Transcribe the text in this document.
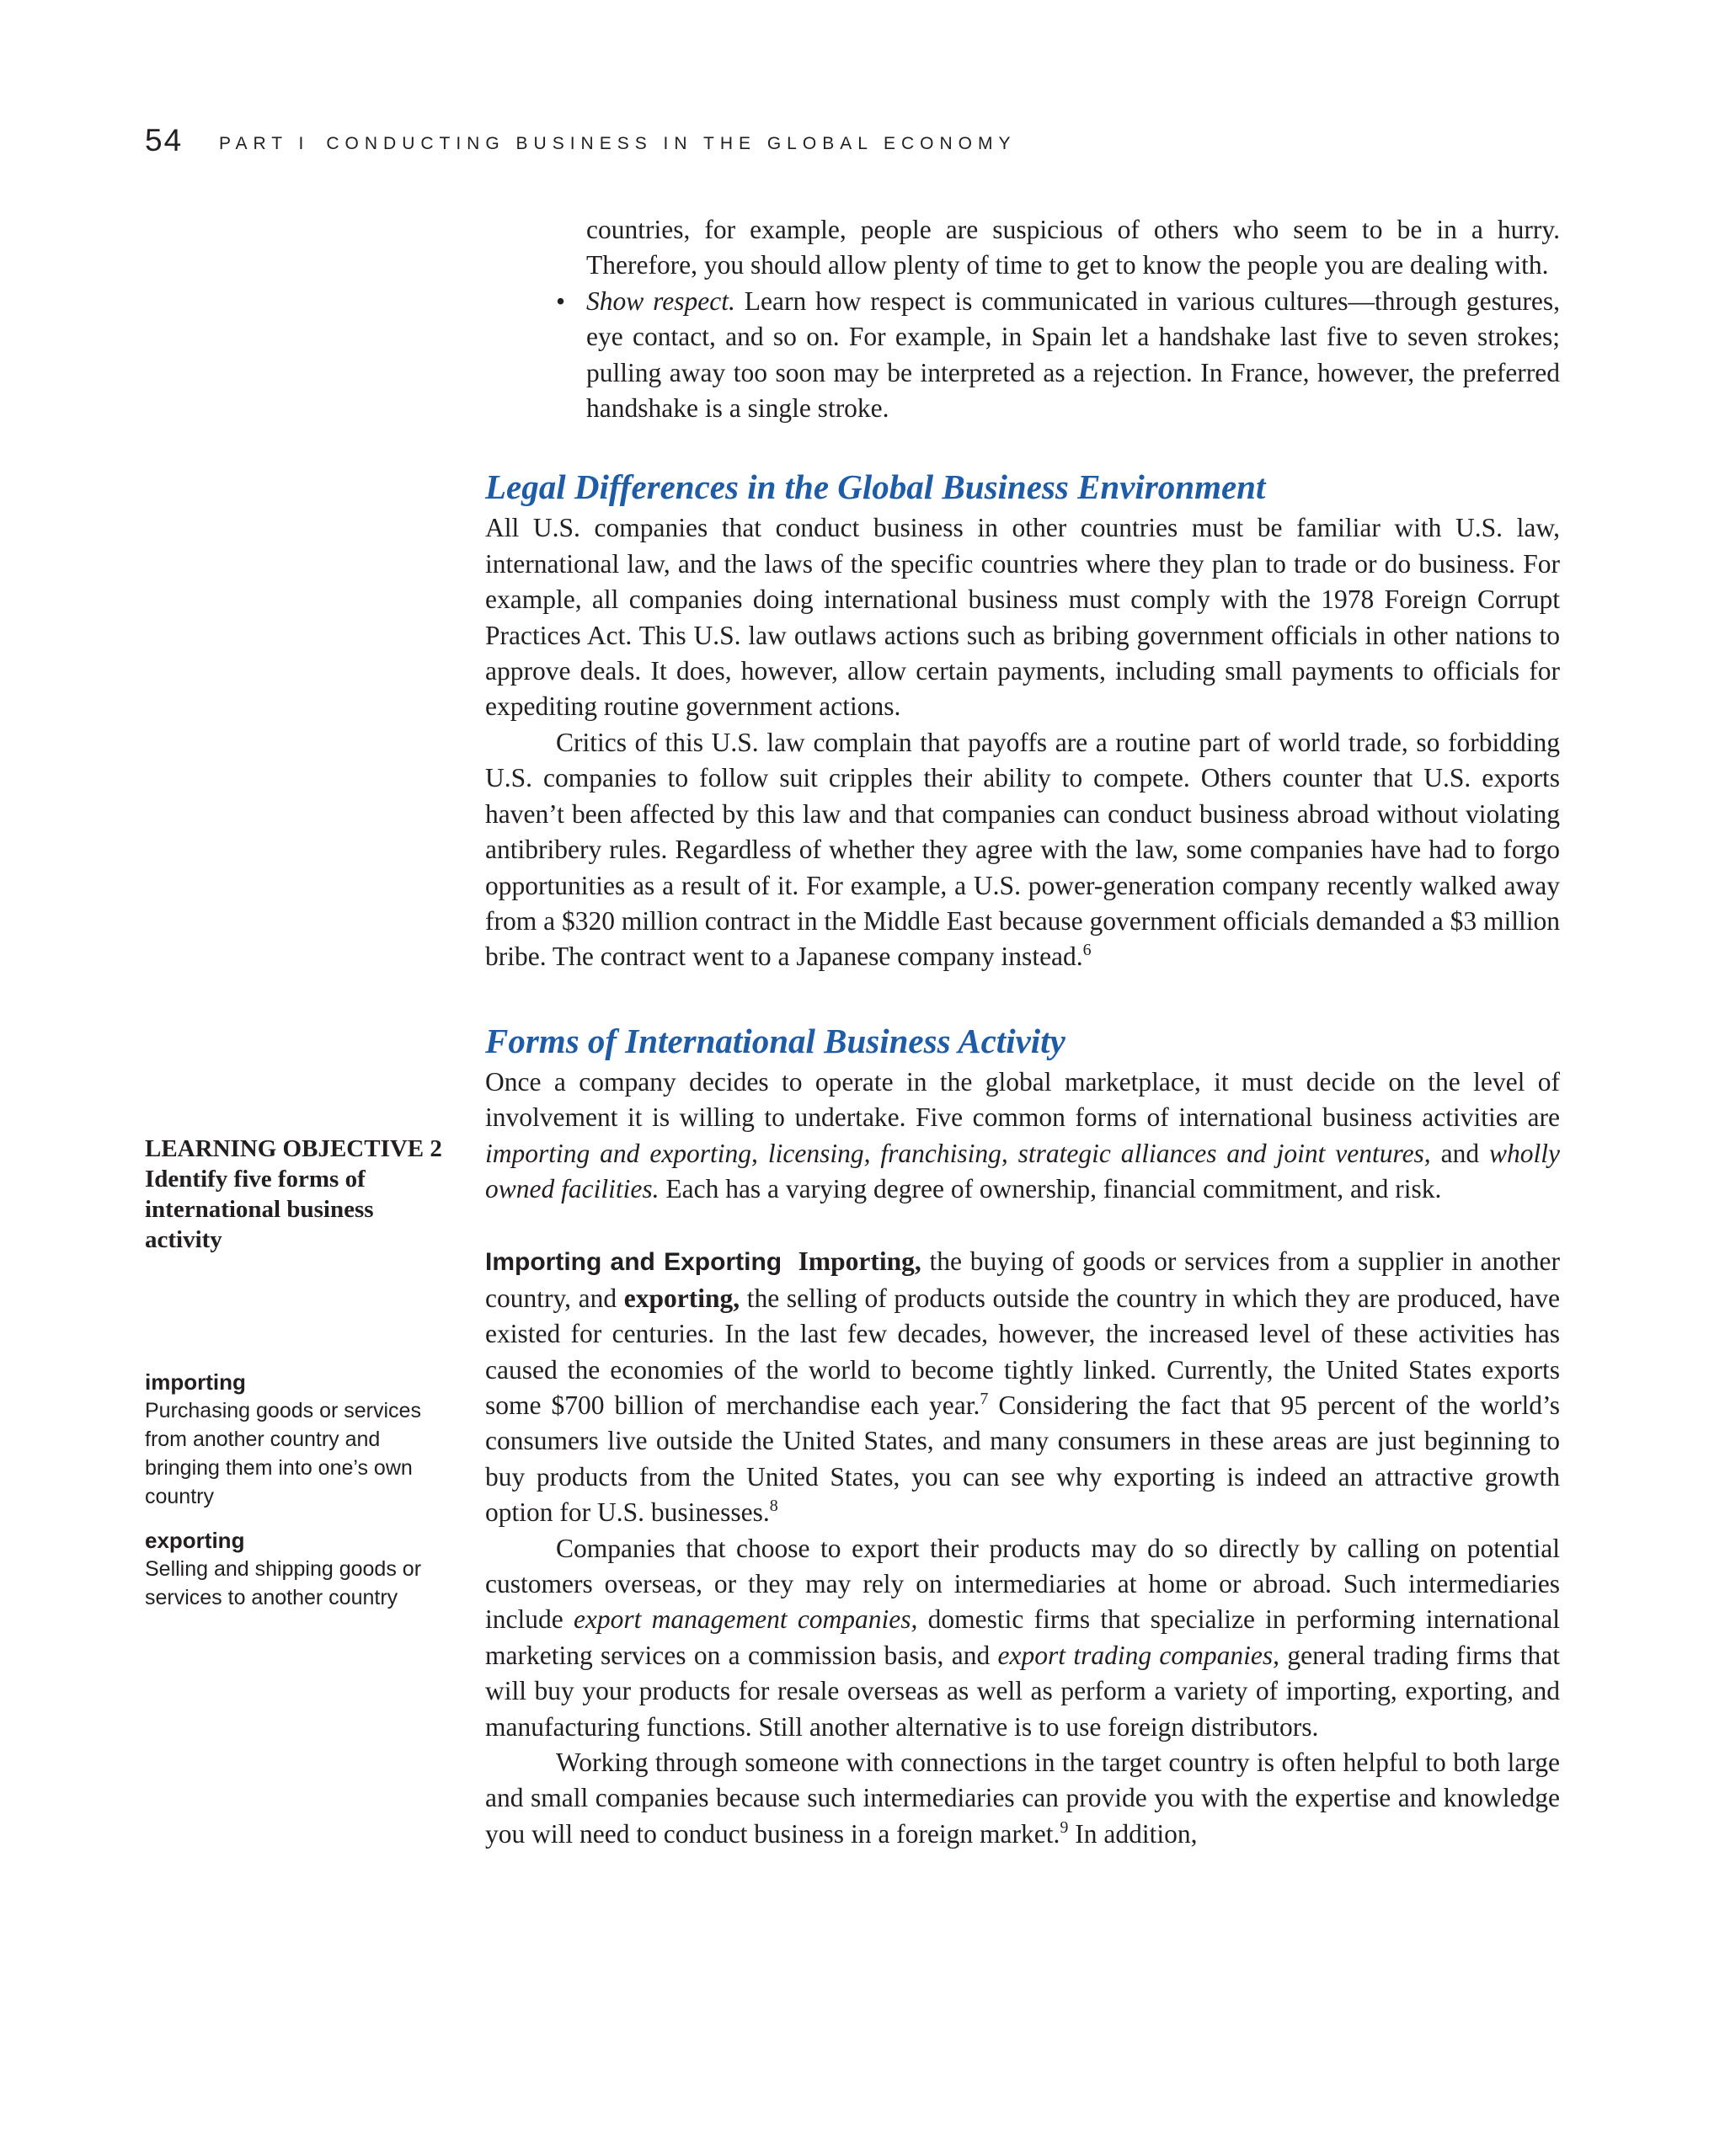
54 PART I CONDUCTING BUSINESS IN THE GLOBAL ECONOMY
LEARNING OBJECTIVE 2
Identify five forms of international business activity
importing
Purchasing goods or services from another country and bringing them into one’s own country
exporting
Selling and shipping goods or services to another country
countries, for example, people are suspicious of others who seem to be in a hurry. Therefore, you should allow plenty of time to get to know the people you are dealing with.
• Show respect. Learn how respect is communicated in various cultures—through gestures, eye contact, and so on. For example, in Spain let a handshake last five to seven strokes; pulling away too soon may be interpreted as a rejection. In France, however, the preferred handshake is a single stroke.
Legal Differences in the Global Business Environment

All U.S. companies that conduct business in other countries must be familiar with U.S. law, international law, and the laws of the specific countries where they plan to trade or do business. For example, all companies doing international business must comply with the 1978 Foreign Corrupt Practices Act. This U.S. law outlaws actions such as bribing government officials in other nations to approve deals. It does, however, allow certain payments, including small payments to officials for expediting routine government actions.

Critics of this U.S. law complain that payoffs are a routine part of world trade, so forbidding U.S. companies to follow suit cripples their ability to compete. Others counter that U.S. exports haven’t been affected by this law and that companies can conduct business abroad without violating antibribery rules. Regardless of whether they agree with the law, some companies have had to forgo opportunities as a result of it. For example, a U.S. power-generation company recently walked away from a $320 million contract in the Middle East because government officials demanded a $3 million bribe. The contract went to a Japanese company instead.$^6$

Forms of International Business Activity

Once a company decides to operate in the global marketplace, it must decide on the level of involvement it is willing to undertake. Five common forms of international business activities are importing and exporting, licensing, franchising, strategic alliances and joint ventures, and wholly owned facilities. Each has a varying degree of ownership, financial commitment, and risk.

Importing and Exporting Importing, the buying of goods or services from a supplier in another country, and exporting, the selling of products outside the country in which they are produced, have existed for centuries. In the last few decades, however, the increased level of these activities has caused the economies of the world to become tightly linked. Currently, the United States exports some $700 billion of merchandise each year.$^7$ Considering the fact that 95 percent of the world’s consumers live outside the United States, and many consumers in these areas are just beginning to buy products from the United States, you can see why exporting is indeed an attractive growth option for U.S. businesses.$^8$

Companies that choose to export their products may do so directly by calling on potential customers overseas, or they may rely on intermediaries at home or abroad. Such intermediaries include export management companies, domestic firms that specialize in performing international marketing services on a commission basis, and export trading companies, general trading firms that will buy your products for resale overseas as well as perform a variety of importing, exporting, and manufacturing functions. Still another alternative is to use foreign distributors.

Working through someone with connections in the target country is often helpful to both large and small companies because such intermediaries can provide you with the expertise and knowledge you will need to conduct business in a foreign market.$^9$ In addition,
